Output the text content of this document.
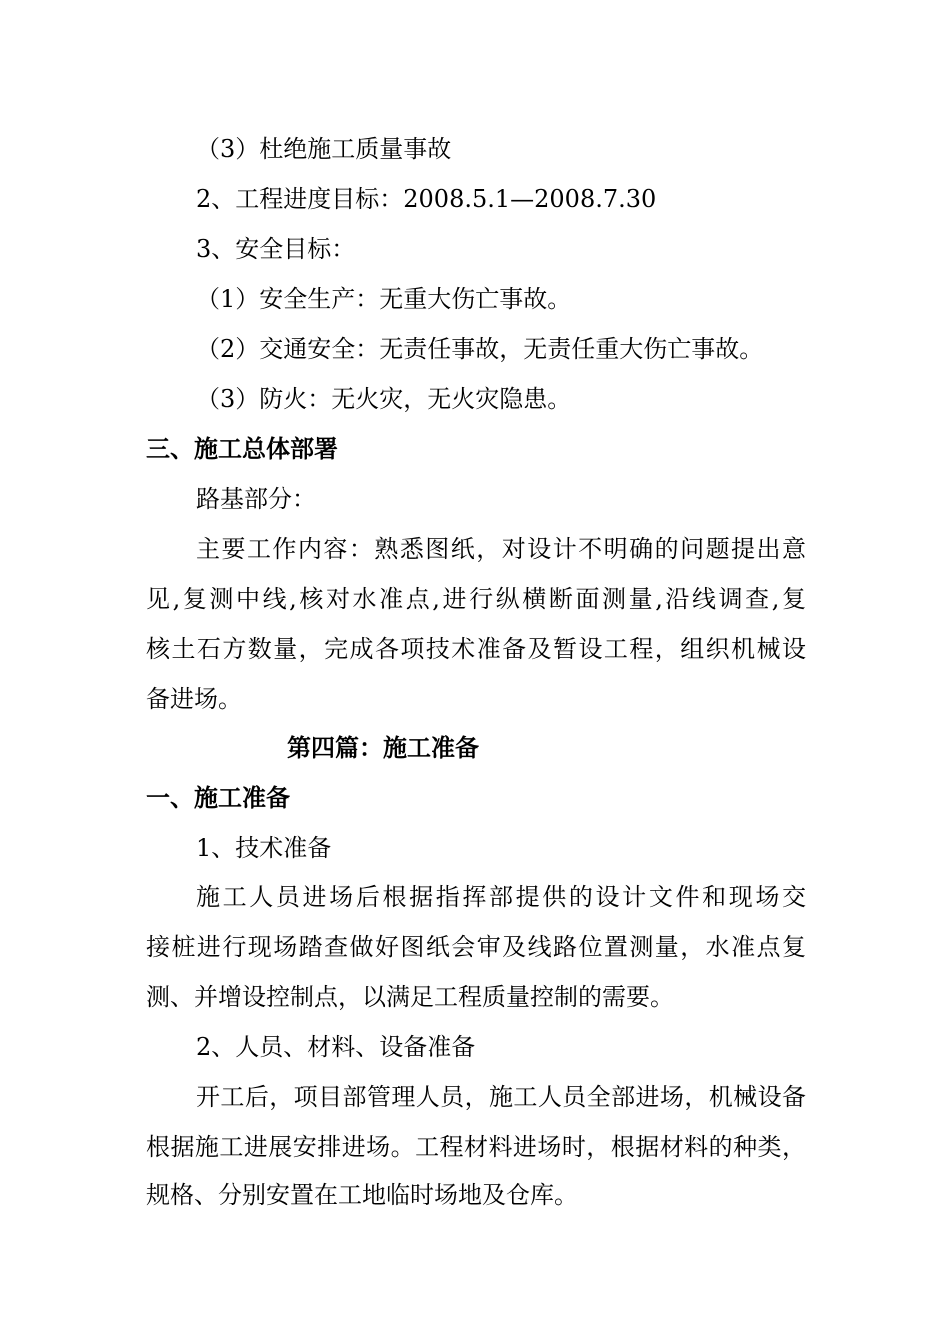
（3）杜绝施工质量事故
2、工程进度目标：2008.5.1—2008.7.30
3、安全目标：
（1）安全生产：无重大伤亡事故。
（2）交通安全：无责任事故，无责任重大伤亡事故。
（3）防火：无火灾，无火灾隐患。
三、施工总体部署
路基部分：
主要工作内容：熟悉图纸，对设计不明确的问题提出意
见,复测中线,核对水准点,进行纵横断面测量,沿线调查,复
核土石方数量，完成各项技术准备及暂设工程，组织机械设
备进场。
第四篇：施工准备
一、施工准备
1、技术准备
施工人员进场后根据指挥部提供的设计文件和现场交
接桩进行现场踏查做好图纸会审及线路位置测量，水准点复
测、并增设控制点，以满足工程质量控制的需要。
2、人员、材料、设备准备
开工后，项目部管理人员，施工人员全部进场，机械设备
根据施工进展安排进场。工程材料进场时，根据材料的种类，
规格、分别安置在工地临时场地及仓库。
